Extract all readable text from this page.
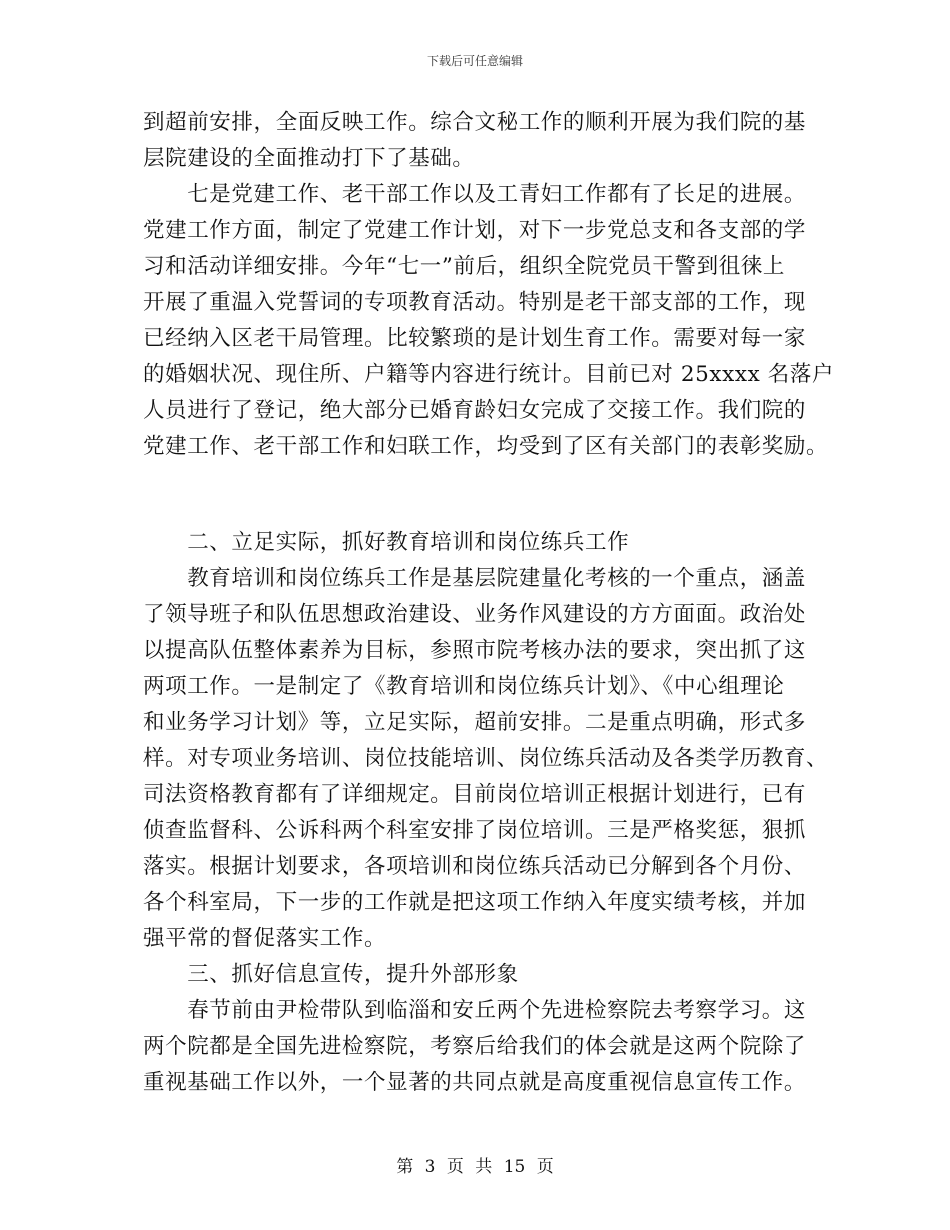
下载后可任意编辑
到超前安排，全面反映工作。综合文秘工作的顺利开展为我们院的基
层院建设的全面推动打下了基础。
　　七是党建工作、老干部工作以及工青妇工作都有了长足的进展。
党建工作方面，制定了党建工作计划，对下一步党总支和各支部的学
习和活动详细安排。今年“七一”前后，组织全院党员干警到徂徕上
开展了重温入党誓词的专项教育活动。特别是老干部支部的工作，现
已经纳入区老干局管理。比较繁琐的是计划生育工作。需要对每一家
的婚姻状况、现住所、户籍等内容进行统计。目前已对 25xxxx 名落户
人员进行了登记，绝大部分已婚育龄妇女完成了交接工作。我们院的
党建工作、老干部工作和妇联工作，均受到了区有关部门的表彰奖励。
　　二、立足实际，抓好教育培训和岗位练兵工作
　　教育培训和岗位练兵工作是基层院建量化考核的一个重点，涵盖
了领导班子和队伍思想政治建设、业务作风建设的方方面面。政治处
以提高队伍整体素养为目标，参照市院考核办法的要求，突出抓了这
两项工作。一是制定了《教育培训和岗位练兵计划》、《中心组理论
和业务学习计划》等，立足实际，超前安排。二是重点明确，形式多
样。对专项业务培训、岗位技能培训、岗位练兵活动及各类学历教育、
司法资格教育都有了详细规定。目前岗位培训正根据计划进行，已有
侦查监督科、公诉科两个科室安排了岗位培训。三是严格奖惩，狠抓
落实。根据计划要求，各项培训和岗位练兵活动已分解到各个月份、
各个科室局，下一步的工作就是把这项工作纳入年度实绩考核，并加
强平常的督促落实工作。
　　三、抓好信息宣传，提升外部形象
　　春节前由尹检带队到临淄和安丘两个先进检察院去考察学习。这
两个院都是全国先进检察院，考察后给我们的体会就是这两个院除了
重视基础工作以外，一个显著的共同点就是高度重视信息宣传工作。
第 3 页 共 15 页
